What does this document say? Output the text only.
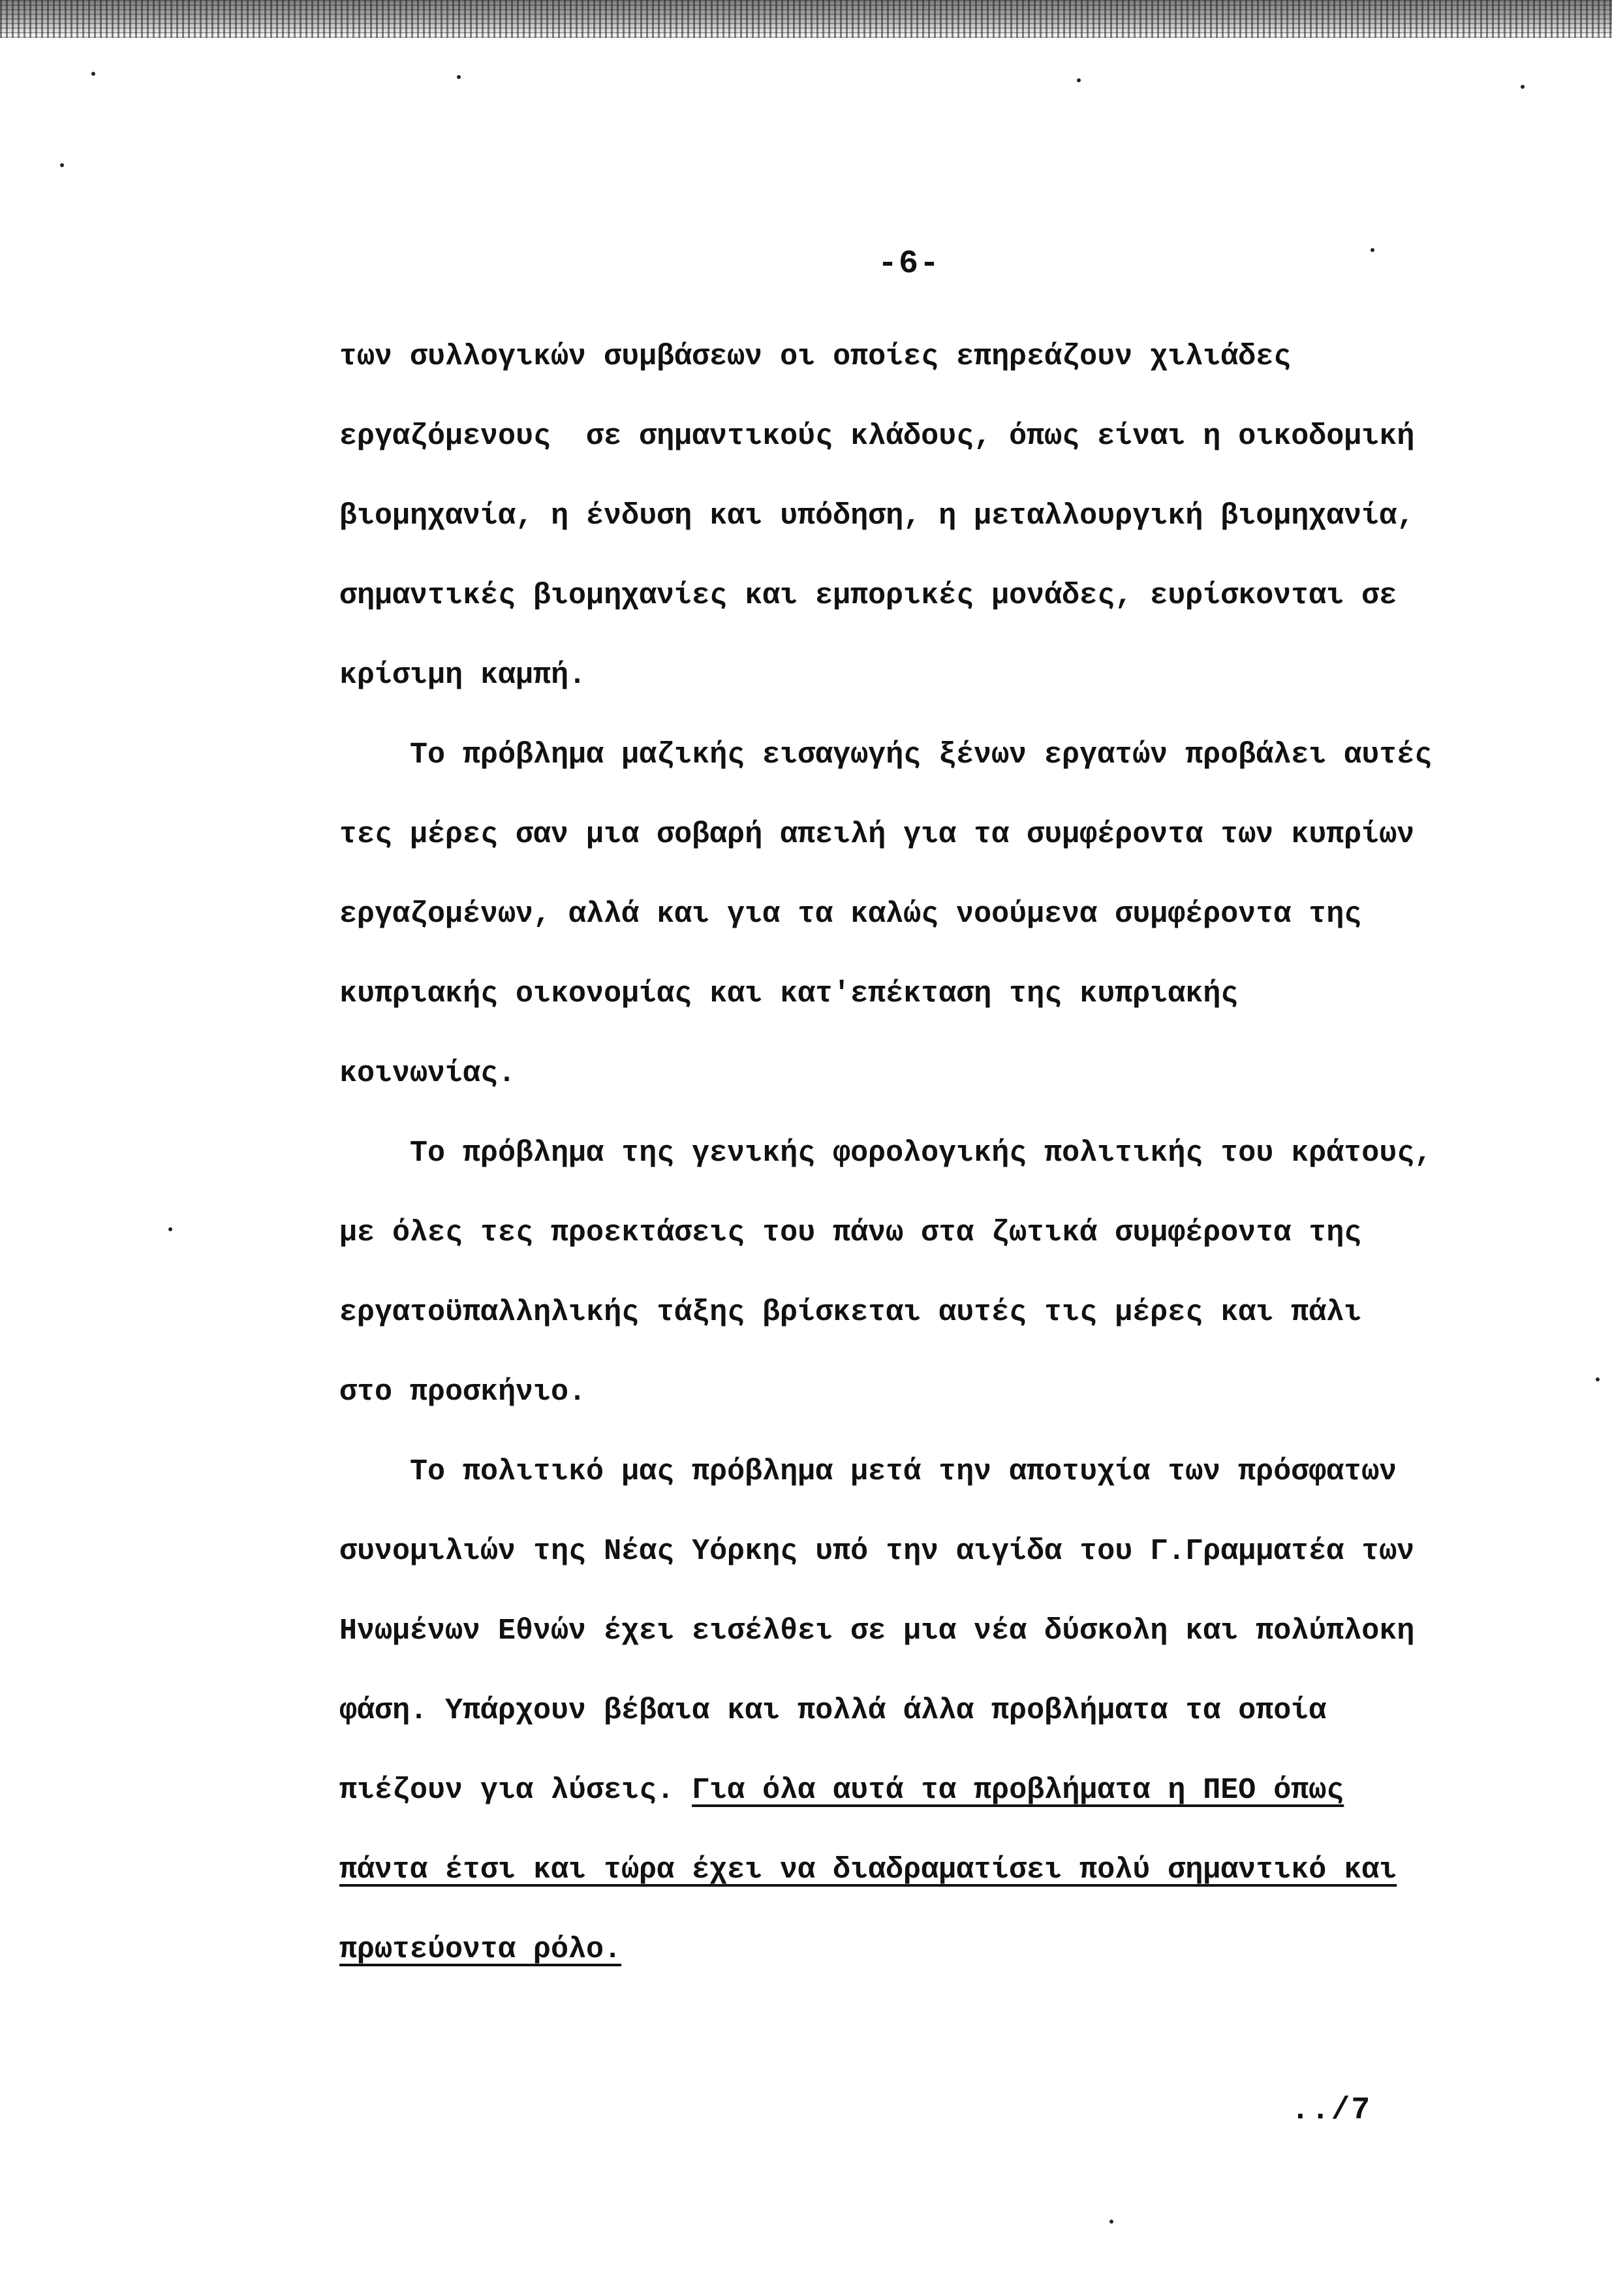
-6-
των συλλογικών συμβάσεων οι οποίες επηρεάζουν χιλιάδες
εργαζόμενους  σε σημαντικούς κλάδους, όπως είναι η οικοδομική
βιομηχανία, η ένδυση και υπόδηση, η μεταλλουργική βιομηχανία,
σημαντικές βιομηχανίες και εμπορικές μονάδες, ευρίσκονται σε
κρίσιμη καμπή.
Το πρόβλημα μαζικής εισαγωγής ξένων εργατών προβάλει αυτές
τες μέρες σαν μια σοβαρή απειλή για τα συμφέροντα των κυπρίων
εργαζομένων, αλλά και για τα καλώς νοούμενα συμφέροντα της
κυπριακής οικονομίας και κατ'επέκταση της κυπριακής
κοινωνίας.
Το πρόβλημα της γενικής φορολογικής πολιτικής του κράτους,
με όλες τες προεκτάσεις του πάνω στα ζωτικά συμφέροντα της
εργατοϋπαλληλικής τάξης βρίσκεται αυτές τις μέρες και πάλι
στο προσκήνιο.
Το πολιτικό μας πρόβλημα μετά την αποτυχία των πρόσφατων
συνομιλιών της Νέας Υόρκης υπό την αιγίδα του Γ.Γραμματέα των
Ηνωμένων Εθνών έχει εισέλθει σε μια νέα δύσκολη και πολύπλοκη
φάση. Υπάρχουν βέβαια και πολλά άλλα προβλήματα τα οποία
πιέζουν για λύσεις. Για όλα αυτά τα προβλήματα η ΠΕΟ όπως
πάντα έτσι και τώρα έχει να διαδραματίσει πολύ σημαντικό και
πρωτεύοντα ρόλο.
../7
